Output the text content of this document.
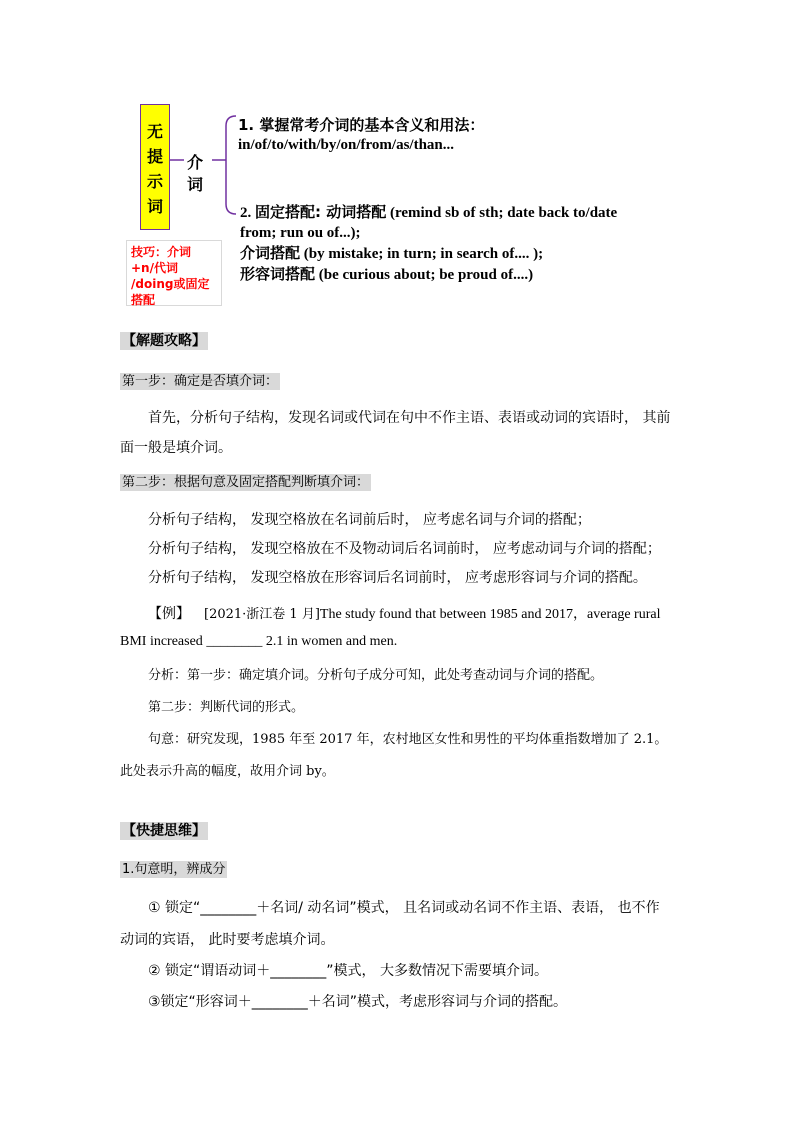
无
提
示
词
介
词
1. 掌握常考介词的基本含义和用法：
in/of/to/with/by/on/from/as/than...
2. 固定搭配: 动词搭配 (remind sb of sth; date back to/date
from; run ou of...);
介词搭配 (by mistake; in turn; in search of.... );
形容词搭配 (be curious about; be proud of....)
技巧：介词
+n/代词
/doing或固定
搭配
【解题攻略】
第一步：确定是否填介词：
首先，分析句子结构，发现名词或代词在句中不作主语、表语或动词的宾语时， 其前
面一般是填介词。
第二步：根据句意及固定搭配判断填介词：
分析句子结构， 发现空格放在名词前后时， 应考虑名词与介词的搭配；
分析句子结构， 发现空格放在不及物动词后名词前时， 应考虑动词与介词的搭配；
分析句子结构， 发现空格放在形容词后名词前时， 应考虑形容词与介词的搭配。
【例】 [2021·浙江卷 1 月]The study found that between 1985 and 2017，average rural
BMI increased ________ 2.1 in women and men.
分析：第一步：确定填介词。分析句子成分可知，此处考查动词与介词的搭配。
第二步：判断代词的形式。
句意：研究发现，1985 年至 2017 年，农村地区女性和男性的平均体重指数增加了 2.1。
此处表示升高的幅度，故用介词 by。
【快捷思维】
1.句意明，辨成分
① 锁定“________＋名词/ 动名词”模式， 且名词或动名词不作主语、表语， 也不作
动词的宾语， 此时要考虑填介词。
② 锁定“谓语动词＋________”模式， 大多数情况下需要填介词。
③锁定“形容词＋________＋名词”模式，考虑形容词与介词的搭配。
